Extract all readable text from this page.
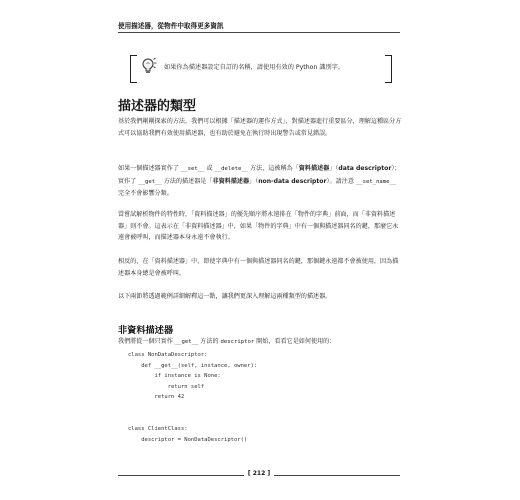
使用描述器，從物件中取得更多資訊
如果你為描述器設定自訂的名稱，請使用有效的 Python 識別字。
描述器的類型
基於我們剛剛探索的方法，我們可以根據「描述器的運作方式」，對描述器進行重要區分，理解這種區分方式可以協助我們有效使用描述器，也有助於避免在執行時出現警告或常見錯誤。
如果一個描述器實作了 __set__ 或 __delete__ 方法，這被稱為「資料描述器」（data descriptor）；實作了 __get__ 方法的描述器是「非資料描述器」（non-data descriptor）。請注意 __set_name__ 完全不會影響分類。
當嘗試解析物件的特性時，「資料描述器」的優先順序將永遠排在「物件的字典」前面，而「非資料描述器」則不會。這表示在「非資料描述器」中，如果「物件的字典」中有一個與描述器同名的鍵，那麼它永遠會被呼叫，而描述器本身永遠不會執行。
相反的，在「資料描述器」中，即使字典中有一個與描述器同名的鍵，那個鍵永遠都不會被使用，因為描述器本身總是會被呼叫。
以下兩節將透過範例詳細解釋這一點，讓我們更深入理解這兩種類型的描述器。
非資料描述器
我們將從一個只實作 __get__ 方法的 descriptor 開始，看看它是如何使用的：
class NonDataDescriptor:
def __get__(self, instance, owner):
if instance is None:
return self
return 42

class ClientClass:
descriptor = NonDataDescriptor()
[ 212 ]
